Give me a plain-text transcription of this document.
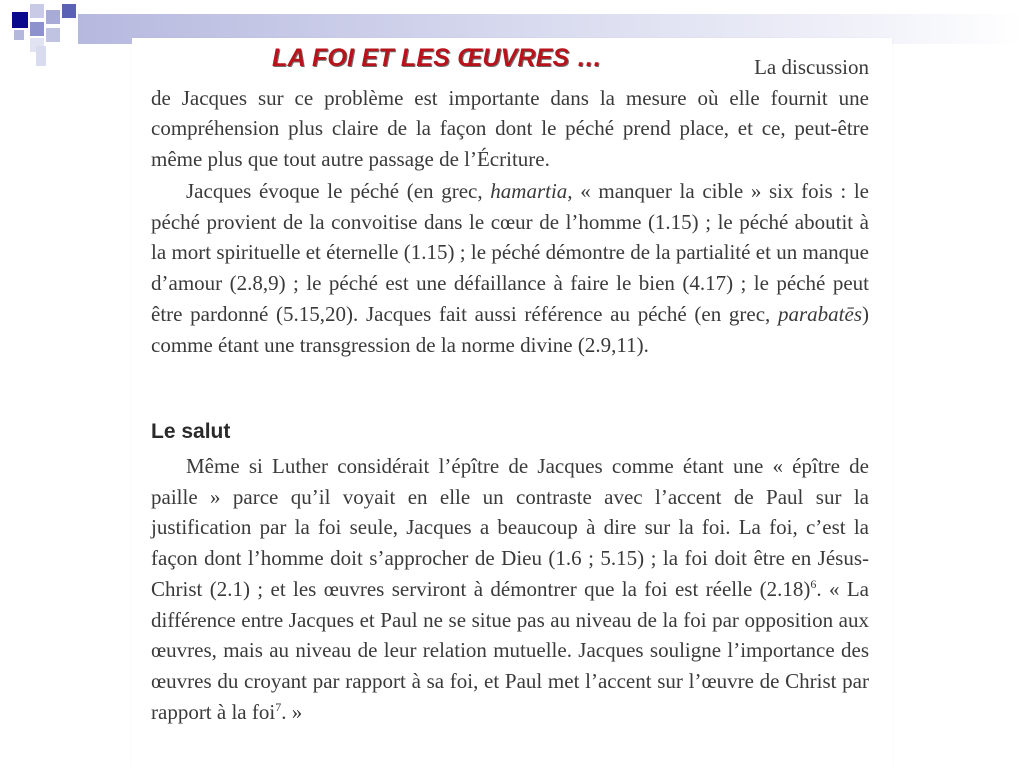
La discussion
de Jacques sur ce problème est importante dans la mesure où elle fournit une compréhension plus claire de la façon dont le péché prend place, et ce, peut-être même plus que tout autre passage de l’Écriture.

LA FOI ET LES ŒUVRES …

Jacques évoque le péché (en grec, hamartia, « manquer la cible » six fois : le péché provient de la convoitise dans le cœur de l’homme (1.15) ; le péché aboutit à la mort spirituelle et éternelle (1.15) ; le péché démontre de la partialité et un manque d’amour (2.8,9) ; le péché est une défaillance à faire le bien (4.17) ; le péché peut être pardonné (5.15,20). Jacques fait aussi référence au péché (en grec, parabatēs) comme étant une transgression de la norme divine (2.9,11).

Le salut

Même si Luther considérait l’épître de Jacques comme étant une « épître de paille » parce qu’il voyait en elle un contraste avec l’accent de Paul sur la justification par la foi seule, Jacques a beaucoup à dire sur la foi. La foi, c’est la façon dont l’homme doit s’approcher de Dieu (1.6 ; 5.15) ; la foi doit être en Jésus-Christ (2.1) ; et les œuvres serviront à démontrer que la foi est réelle $(2.18)^6$. « La différence entre Jacques et Paul ne se situe pas au niveau de la foi par opposition aux œuvres, mais au niveau de leur relation mutuelle. Jacques souligne l’importance des œuvres du croyant par rapport à sa foi, et Paul met l’accent sur l’œuvre de Christ par rapport à la foi$^7$. »
